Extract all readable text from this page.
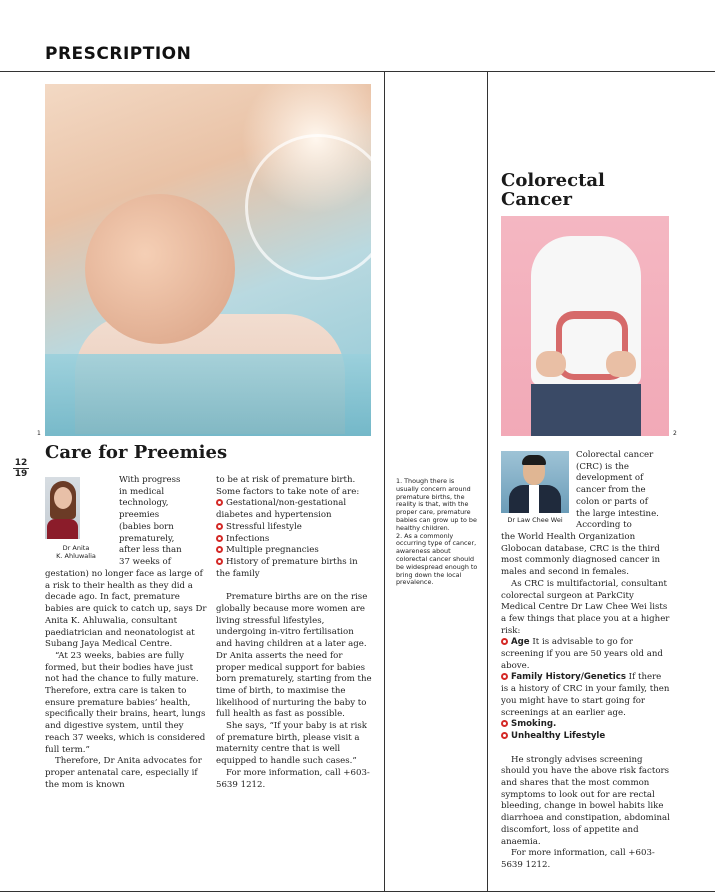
PRESCRIPTION
1	2
Care for Preemies
Colorectal
Cancer
12
19
Dr Anita
K. Ahluwalia
With progress
in medical
technology,
preemies
(babies born
prematurely,
after less than
37 weeks of

gestation) no longer face as large of a risk to their health as they did a decade ago. In fact, premature babies are quick to catch up, says Dr Anita K. Ahluwalia, consultant paediatrician and neonatologist at Subang Jaya Medical Centre.

“At 23 weeks, babies are fully formed, but their bodies have just not had the chance to fully mature. Therefore, extra care is taken to ensure premature babies’ health, specifically their brains, heart, lungs and digestive system, until they reach 37 weeks, which is considered full term.”

Therefore, Dr Anita advocates for proper antenatal care, especially if the mom is known

to be at risk of premature birth. Some factors to take note of are:

Gestational/non-gestational diabetes and hypertension
Stressful lifestyle
Infections
Multiple pregnancies
History of premature births in the family

Premature births are on the rise globally because more women are living stressful lifestyles, undergoing in-vitro fertilisation and having children at a later age. Dr Anita asserts the need for proper medical support for babies born prematurely, starting from the time of birth, to maximise the likelihood of nurturing the baby to full health as fast as possible.

She says, “If your baby is at risk of premature birth, please visit a maternity centre that is well equipped to handle such cases.”

For more information, call +603-5639 1212.

1. Though there is usually concern around premature births, the reality is that, with the proper care, premature babies can grow up to be healthy children.

2. As a commonly occurring type of cancer, awareness about colorectal cancer should be widespread enough to bring down the local prevalence.

Dr Law Chee Wei
Colorectal cancer
(CRC) is the
development of
cancer from the
colon or parts of
the large intestine.
According to

the World Health Organization Globocan database, CRC is the third most commonly diagnosed cancer in males and second in females.

As CRC is multifactorial, consultant colorectal surgeon at ParkCity Medical Centre Dr Law Chee Wei lists a few things that place you at a higher risk:

Age It is advisable to go for screening if you are 50 years old and above.
Family History/Genetics If there is a history of CRC in your family, then you might have to start going for screenings at an earlier age.
Smoking.
Unhealthy Lifestyle

He strongly advises screening should you have the above risk factors and shares that the most common symptoms to look out for are rectal bleeding, change in bowel habits like diarrhoea and constipation, abdominal discomfort, loss of appetite and anaemia.

For more information, call +603-5639 1212.
